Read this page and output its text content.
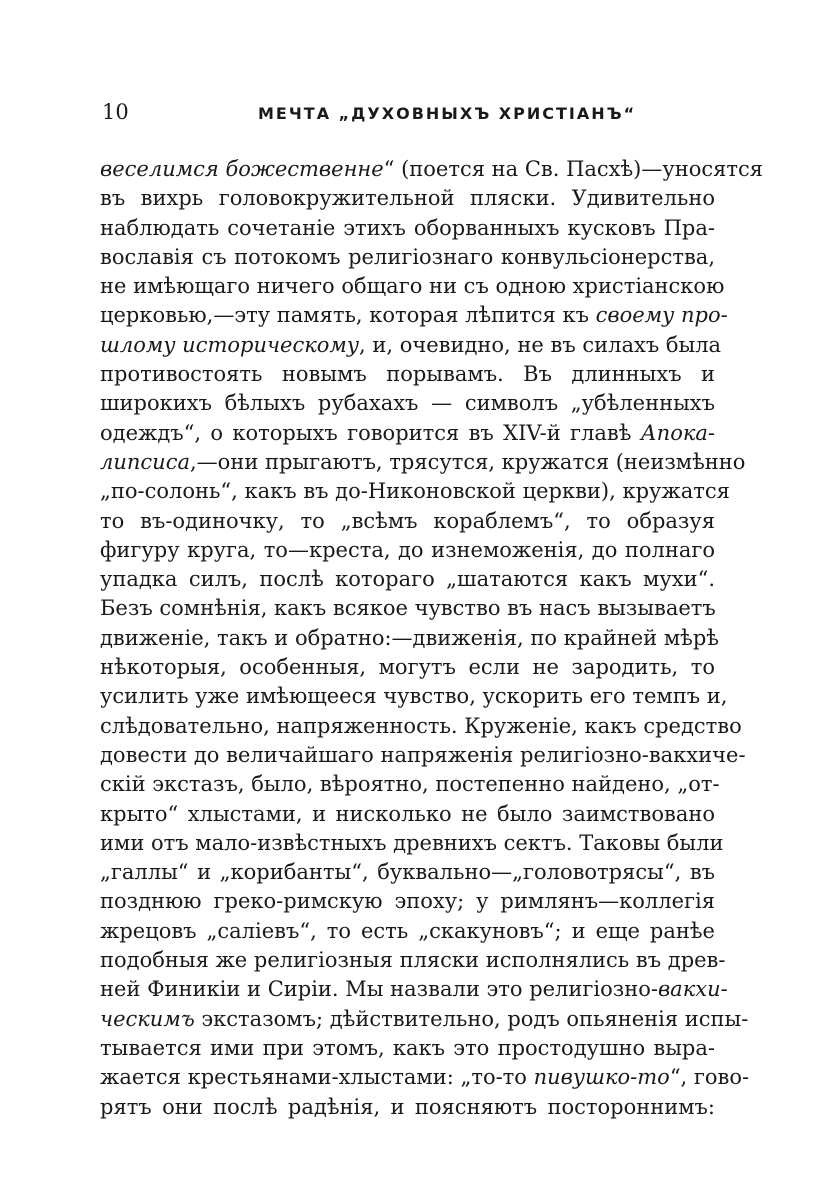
10	МЕЧТА „ДУХОВНЫХЪ ХРИСТІАНЪ“
веселимся божественне“ (поется на Св. Пасхѣ)—уносятся
въ вихрь головокружительной пляски. Удивительно
наблюдать сочетаніе этихъ оборванныхъ кусковъ Пра-
вославія съ потокомъ религіознаго конвульсіонерства,
не имѣющаго ничего общаго ни съ одною христіанскою
церковью,—эту память, которая лѣпится къ своему про-
шлому историческому, и, очевидно, не въ силахъ была
противостоять новымъ порывамъ. Въ длинныхъ и
широкихъ бѣлыхъ рубахахъ — символъ „убѣленныхъ
одеждъ“, о которыхъ говорится въ XIV-й главѣ Апока-
липсиса,—они прыгаютъ, трясутся, кружатся (неизмѣнно
„по-солонь“, какъ въ до-Никоновской церкви), кружатся
то въ-одиночку, то „всѣмъ кораблемъ“, то образуя
фигуру круга, то—креста, до изнеможенія, до полнаго
упадка силъ, послѣ котораго „шатаются какъ мухи“.
Безъ сомнѣнія, какъ всякое чувство въ насъ вызываетъ
движеніе, такъ и обратно:—движенія, по крайней мѣрѣ
нѣкоторыя, особенныя, могутъ если не зародить, то
усилить уже имѣющееся чувство, ускорить его темпъ и,
слѣдовательно, напряженность. Круженіе, какъ средство
довести до величайшаго напряженія религіозно-вакхиче-
скій экстазъ, было, вѣроятно, постепенно найдено, „от-
крыто“ хлыстами, и нисколько не было заимствовано
ими отъ мало-извѣстныхъ древнихъ сектъ. Таковы были
„галлы“ и „корибанты“, буквально—„головотрясы“, въ
позднюю греко-римскую эпоху; у римлянъ—коллегія
жрецовъ „саліевъ“, то есть „скакуновъ“; и еще ранѣе
подобныя же религіозныя пляски исполнялись въ древ-
ней Финикіи и Сиріи. Мы назвали это религіозно-вакхи-
ческимъ экстазомъ; дѣйствительно, родъ опьяненія испы-
тывается ими при этомъ, какъ это простодушно выра-
жается крестьянами-хлыстами: „то-то пивушко-то“, гово-
рятъ они послѣ радѣнія, и поясняютъ постороннимъ:
